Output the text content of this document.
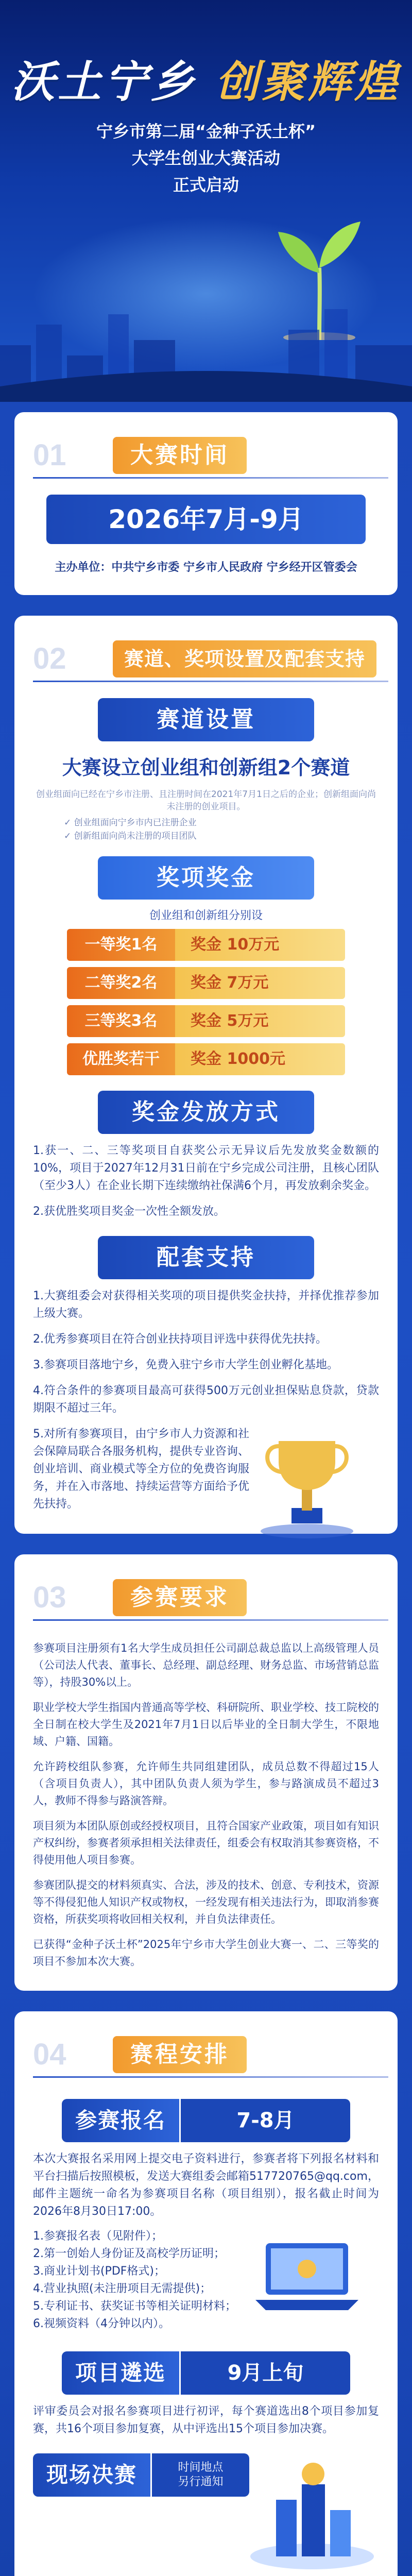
沃土宁乡 创聚辉煌
宁乡市第二届“金种子沃土杯”
大学生创业大赛活动
正式启动
01	大赛时间
2026年7月-9月
主办单位：中共宁乡市委 宁乡市人民政府 宁乡经开区管委会
02	赛道、奖项设置及配套支持
赛道设置
大赛设立创业组和创新组2个赛道
创业组面向已经在宁乡市注册、且注册时间在2021年7月1日之后的企业；创新组面向尚未注册的创业项目。
✓ 创业组面向宁乡市内已注册企业
✓ 创新组面向尚未注册的项目团队
奖项奖金
创业组和创新组分别设
一等奖1名	奖金 10万元
二等奖2名	奖金 7万元
三等奖3名	奖金 5万元
优胜奖若干	奖金 1000元
奖金发放方式
1.获一、二、三等奖项目自获奖公示无异议后先发放奖金数额的10%，项目于2027年12月31日前在宁乡完成公司注册，且核心团队（至少3人）在企业长期下连续缴纳社保满6个月，再发放剩余奖金。
2.获优胜奖项目奖金一次性全额发放。
配套支持
1.大赛组委会对获得相关奖项的项目提供奖金扶持，并择优推荐参加上级大赛。
2.优秀参赛项目在符合创业扶持项目评选中获得优先扶持。
3.参赛项目落地宁乡，免费入驻宁乡市大学生创业孵化基地。
4.符合条件的参赛项目最高可获得500万元创业担保贴息贷款，贷款期限不超过三年。
5.对所有参赛项目，由宁乡市人力资源和社会保障局联合各服务机构，提供专业咨询、创业培训、商业模式等全方位的免费咨询服务，并在入市落地、持续运营等方面给予优先扶持。
03	参赛要求
参赛项目注册须有1名大学生成员担任公司副总裁总监以上高级管理人员（公司法人代表、董事长、总经理、副总经理、财务总监、市场营销总监等），持股30%以上。
职业学校大学生指国内普通高等学校、科研院所、职业学校、技工院校的全日制在校大学生及2021年7月1日以后毕业的全日制大学生，不限地域、户籍、国籍。
允许跨校组队参赛，允许师生共同组建团队，成员总数不得超过15人（含项目负责人），其中团队负责人须为学生，参与路演成员不超过3人，教师不得参与路演答辩。
项目须为本团队原创或经授权项目，且符合国家产业政策，项目如有知识产权纠纷，参赛者须承担相关法律责任，组委会有权取消其参赛资格，不得使用他人项目参赛。
参赛团队提交的材料须真实、合法，涉及的技术、创意、专利技术，资源等不得侵犯他人知识产权或物权，一经发现有相关违法行为，即取消参赛资格，所获奖项将收回相关权利，并自负法律责任。
已获得“金种子沃土杯”2025年宁乡市大学生创业大赛一、二、三等奖的项目不参加本次大赛。
04	赛程安排
参赛报名	7-8月
本次大赛报名采用网上提交电子资料进行，参赛者将下列报名材料和平台扫描后按照模板，发送大赛组委会邮箱517720765@qq.com，邮件主题统一命名为参赛项目名称（项目组别），报名截止时间为2026年8月30日17:00。
1.参赛报名表（见附件）；
2.第一创始人身份证及高校学历证明；
3.商业计划书(PDF格式)；
4.营业执照(未注册项目无需提供)；
5.专利证书、获奖证书等相关证明材料；
6.视频资料（4分钟以内）。
项目遴选	9月上旬
评审委员会对报名参赛项目进行初评，每个赛道选出8个项目参加复赛，共16个项目参加复赛，从中评选出15个项目参加决赛。
现场决赛	时间地点
另行通知
